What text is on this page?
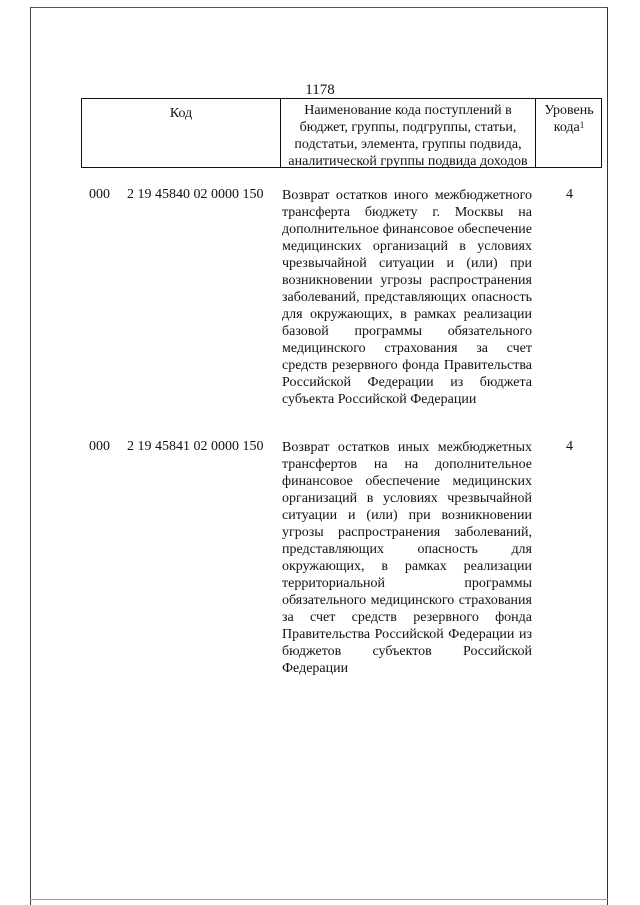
1178
Код	Наименование кода поступлений в бюджет, группы, подгруппы, статьи, подстатьи, элемента, группы подвида, аналитической группы подвида доходов
Уровень кода$^1$
000 2 19 45840 02 0000 150 Возврат остатков иного межбюджетного трансферта бюджету г. Москвы на дополнительное финансовое обеспечение медицинских организаций в условиях чрезвычайной ситуации и (или) при возникновении угрозы распространения заболеваний, представляющих опасность для окружающих, в рамках реализации базовой программы обязательного медицинского страхования за счет средств резервного фонда Правительства Российской Федерации из бюджета субъекта Российской Федерации
4
000 2 19 45841 02 0000 150 Возврат остатков иных межбюджетных трансфертов на на дополнительное финансовое обеспечение медицинских организаций в условиях чрезвычайной ситуации и (или) при возникновении угрозы распространения заболеваний, представляющих опасность для окружающих, в рамках реализации территориальной программы обязательного медицинского страхования за счет средств резервного фонда Правительства Российской Федерации из бюджетов субъектов Российской Федерации
4
